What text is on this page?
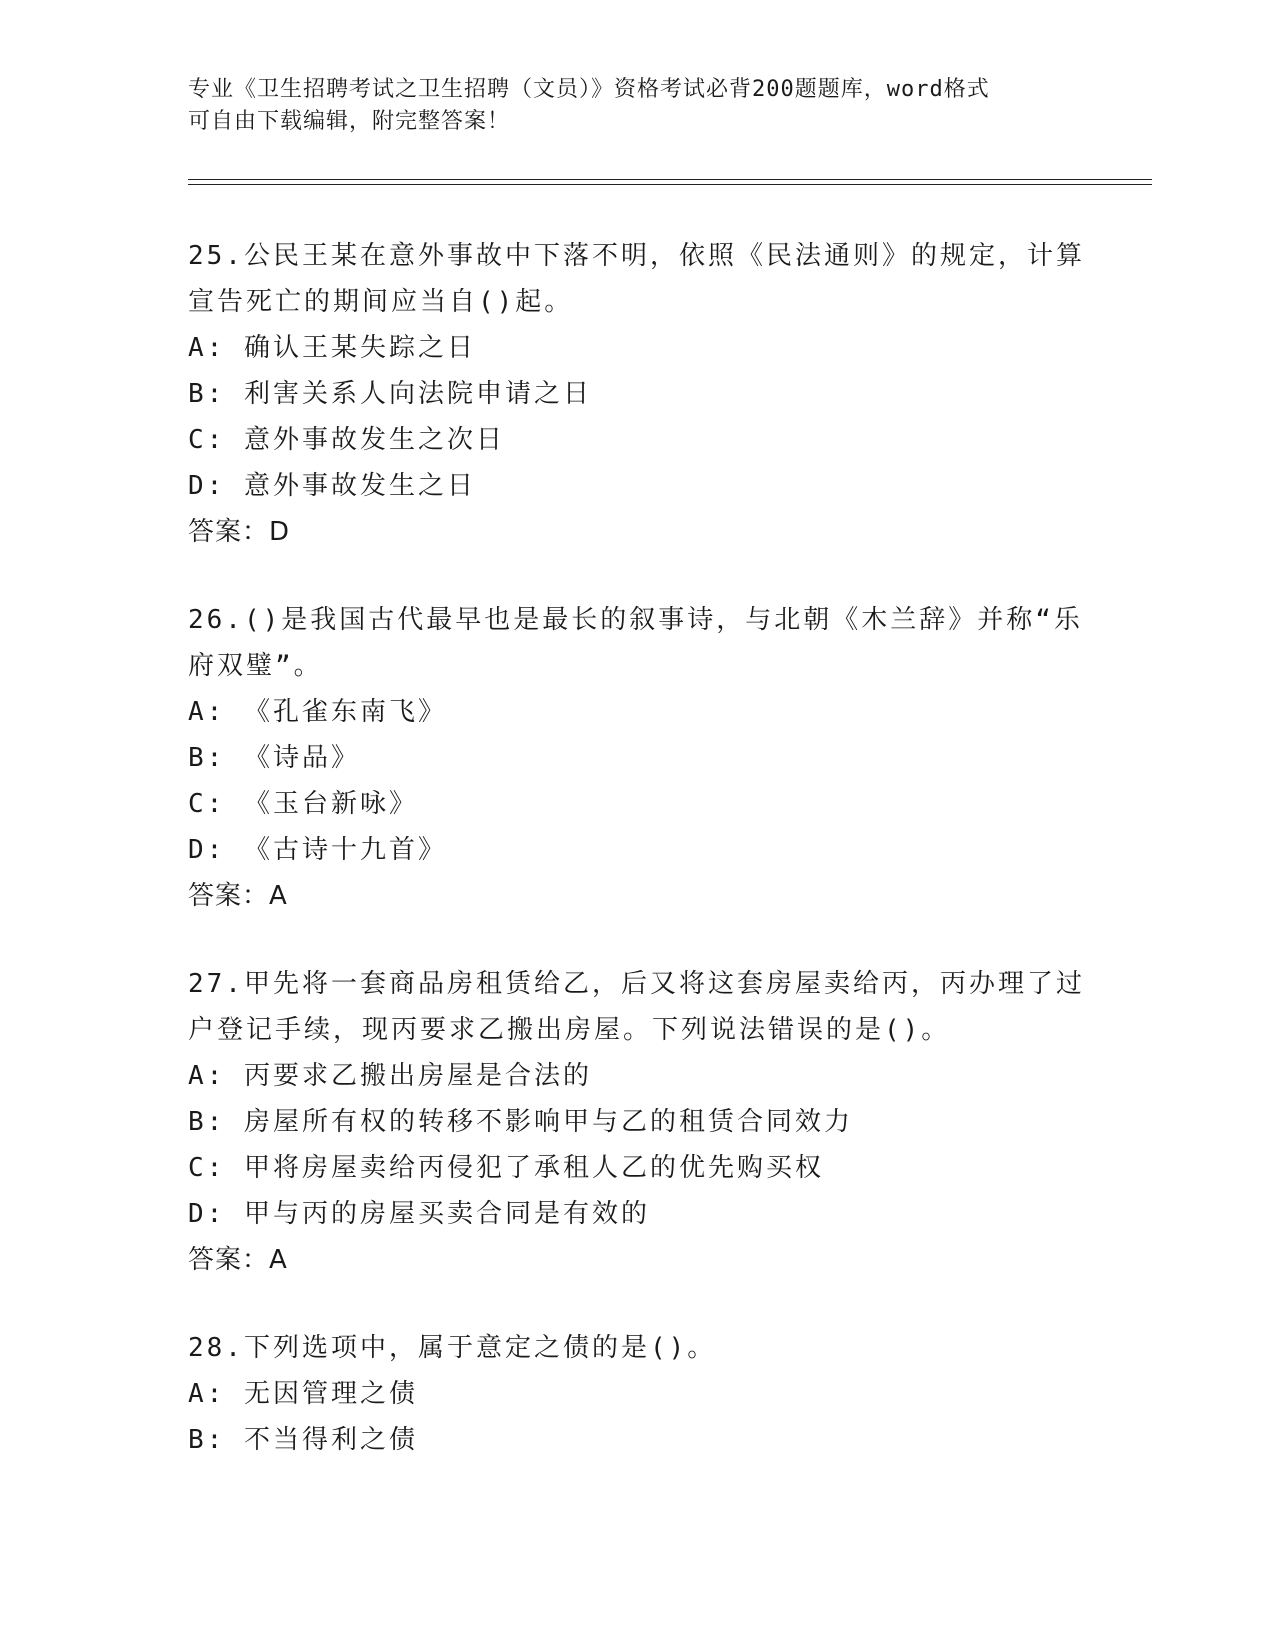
专业《卫生招聘考试之卫生招聘（文员）》资格考试必背200题题库，word格式
可自由下载编辑，附完整答案！
25.公民王某在意外事故中下落不明，依照《民法通则》的规定，计算
宣告死亡的期间应当自()起。
A: 确认王某失踪之日
B: 利害关系人向法院申请之日
C: 意外事故发生之次日
D: 意外事故发生之日
答案：D
26.()是我国古代最早也是最长的叙事诗，与北朝《木兰辞》并称“乐
府双璧”。
A: 《孔雀东南飞》
B: 《诗品》
C: 《玉台新咏》
D: 《古诗十九首》
答案：A
27.甲先将一套商品房租赁给乙，后又将这套房屋卖给丙，丙办理了过
户登记手续，现丙要求乙搬出房屋。下列说法错误的是()。
A: 丙要求乙搬出房屋是合法的
B: 房屋所有权的转移不影响甲与乙的租赁合同效力
C: 甲将房屋卖给丙侵犯了承租人乙的优先购买权
D: 甲与丙的房屋买卖合同是有效的
答案：A
28.下列选项中，属于意定之债的是()。
A: 无因管理之债
B: 不当得利之债
